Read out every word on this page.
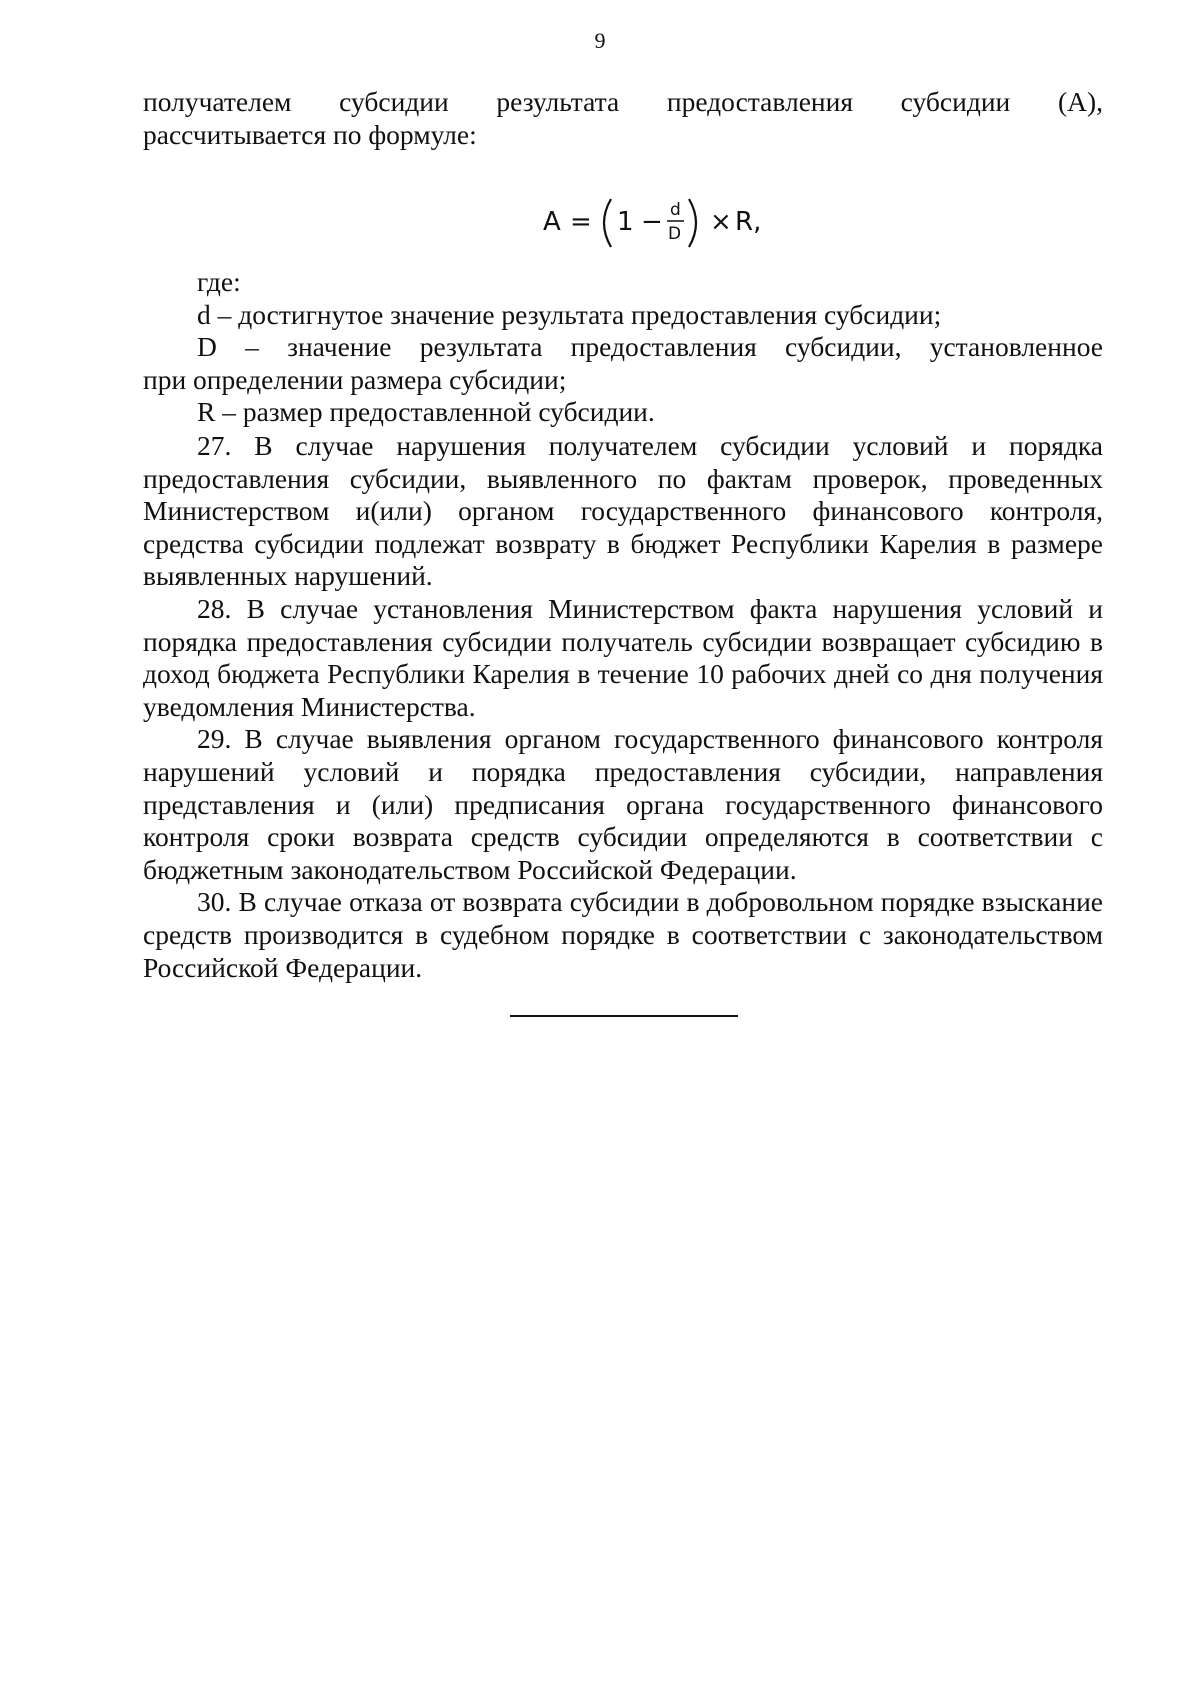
9

получателем субсидии результата предоставления субсидии (А),

рассчитывается по формуле:

A = 1 − d
D × R,

где:

d – достигнутое значение результата предоставления субсидии;

D – значение результата предоставления субсидии, установленное

при определении размера субсидии;

R – размер предоставленной субсидии.

27. В случае нарушения получателем субсидии условий и порядка предоставления субсидии, выявленного по фактам проверок, проведенных Министерством и(или) органом государственного финансового контроля, средства субсидии подлежат возврату в бюджет Республики Карелия в размере выявленных нарушений.

28. В случае установления Министерством факта нарушения условий и порядка предоставления субсидии получатель субсидии возвращает субсидию в доход бюджета Республики Карелия в течение 10 рабочих дней со дня получения уведомления Министерства.

29. В случае выявления органом государственного финансового контроля нарушений условий и порядка предоставления субсидии, направления представления и (или) предписания органа государственного финансового контроля сроки возврата средств субсидии определяются в соответствии с бюджетным законодательством Российской Федерации.

30. В случае отказа от возврата субсидии в добровольном порядке взыскание средств производится в судебном порядке в соответствии с законодательством Российской Федерации.
